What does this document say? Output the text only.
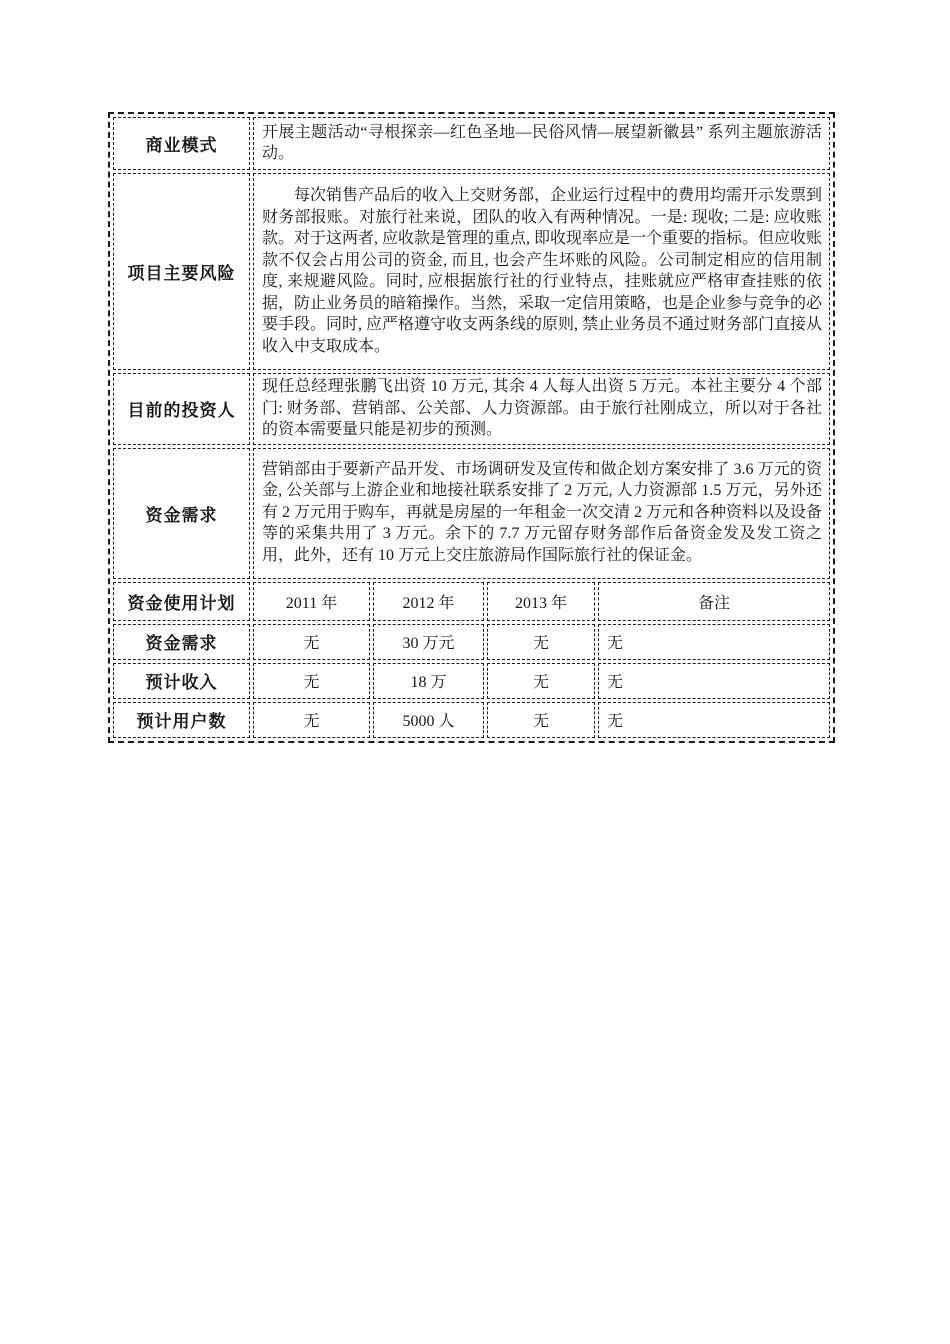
商业模式	开展主题活动“寻根探亲—红色圣地—民俗风情—展望新徽县” 系列主题旅游活动。			

项目主要风险	每次销售产品后的收入上交财务部，企业运行过程中的费用均需开示发票到财务部报账。对旅行社来说，团队的收入有两种情况。一是: 现收; 二是: 应收账款。对于这两者, 应收款是管理的重点, 即收现率应是一个重要的指标。但应收账款不仅会占用公司的资金, 而且, 也会产生坏账的风险。公司制定相应的信用制度, 来规避风险。同时, 应根据旅行社的行业特点，挂账就应严格审查挂账的依据，防止业务员的暗箱操作。当然，采取一定信用策略，也是企业参与竞争的必要手段。同时, 应严格遵守收支两条线的原则, 禁止业务员不通过财务部门直接从收入中支取成本。			

目前的投资人	现任总经理张鹏飞出资 10 万元, 其余 4 人每人出资 5 万元。本社主要分 4 个部门: 财务部、营销部、公关部、人力资源部。由于旅行社刚成立，所以对于各社的资本需要量只能是初步的预测。			

资金需求	营销部由于要新产品开发、市场调研发及宣传和做企划方案安排了 3.6 万元的资金, 公关部与上游企业和地接社联系安排了 2 万元, 人力资源部 1.5 万元，另外还有 2 万元用于购车，再就是房屋的一年租金一次交清 2 万元和各种资料以及设备等的采集共用了 3 万元。余下的 7.7 万元留存财务部作后备资金发及发工资之用，此外，还有 10 万元上交庄旅游局作国际旅行社的保证金。			

资金使用计划	2011 年	2012 年	2013 年	备注
资金需求	无	30 万元	无	无
预计收入	无	18 万	无	无
预计用户数	无	5000 人	无	无
